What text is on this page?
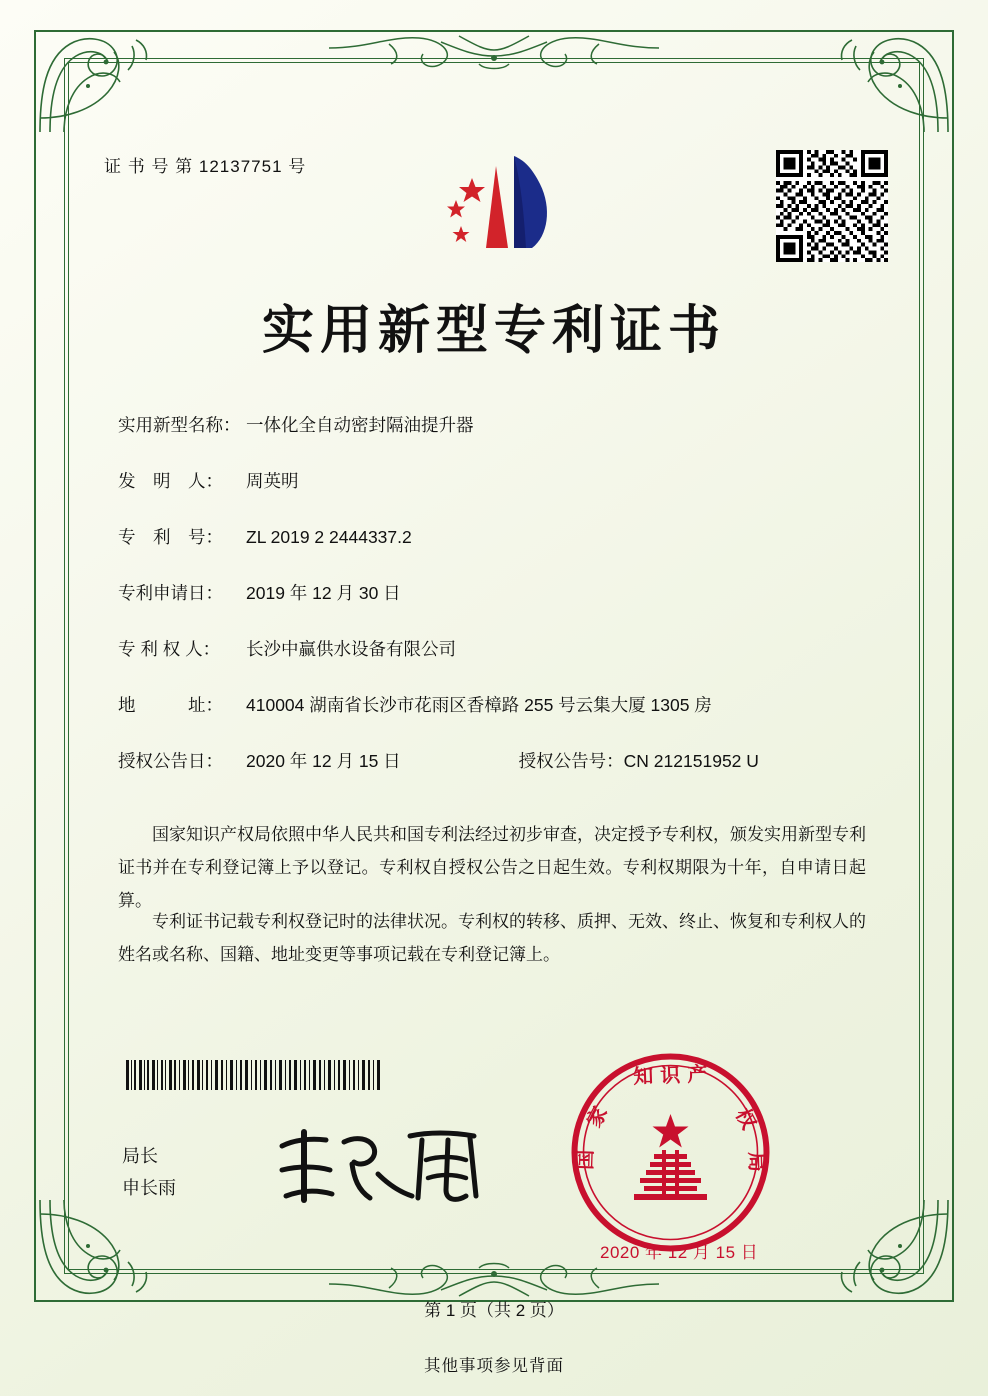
证 书 号 第 12137751 号
实用新型专利证书
实用新型名称： 一体化全自动密封隔油提升器
发　明　人：	周英明
专　利　号：	ZL 2019 2 2444337.2
专利申请日：	2019 年 12 月 30 日
专 利 权 人：	长沙中赢供水设备有限公司
地　　　址：	410004 湖南省长沙市花雨区香樟路 255 号云集大厦 1305 房
授权公告日：	2020 年 12 月 15 日	授权公告号： CN 212151952 U
国家知识产权局依照中华人民共和国专利法经过初步审查，决定授予专利权，颁发实用新型专利证书并在专利登记簿上予以登记。专利权自授权公告之日起生效。专利权期限为十年，自申请日起算。
专利证书记载专利权登记时的法律状况。专利权的转移、质押、无效、终止、恢复和专利权人的姓名或名称、国籍、地址变更等事项记载在专利登记簿上。
局长
申长雨
知 识 产
家
国
权
局
2020 年 12 月 15 日
第 1 页（共 2 页）
其他事项参见背面
